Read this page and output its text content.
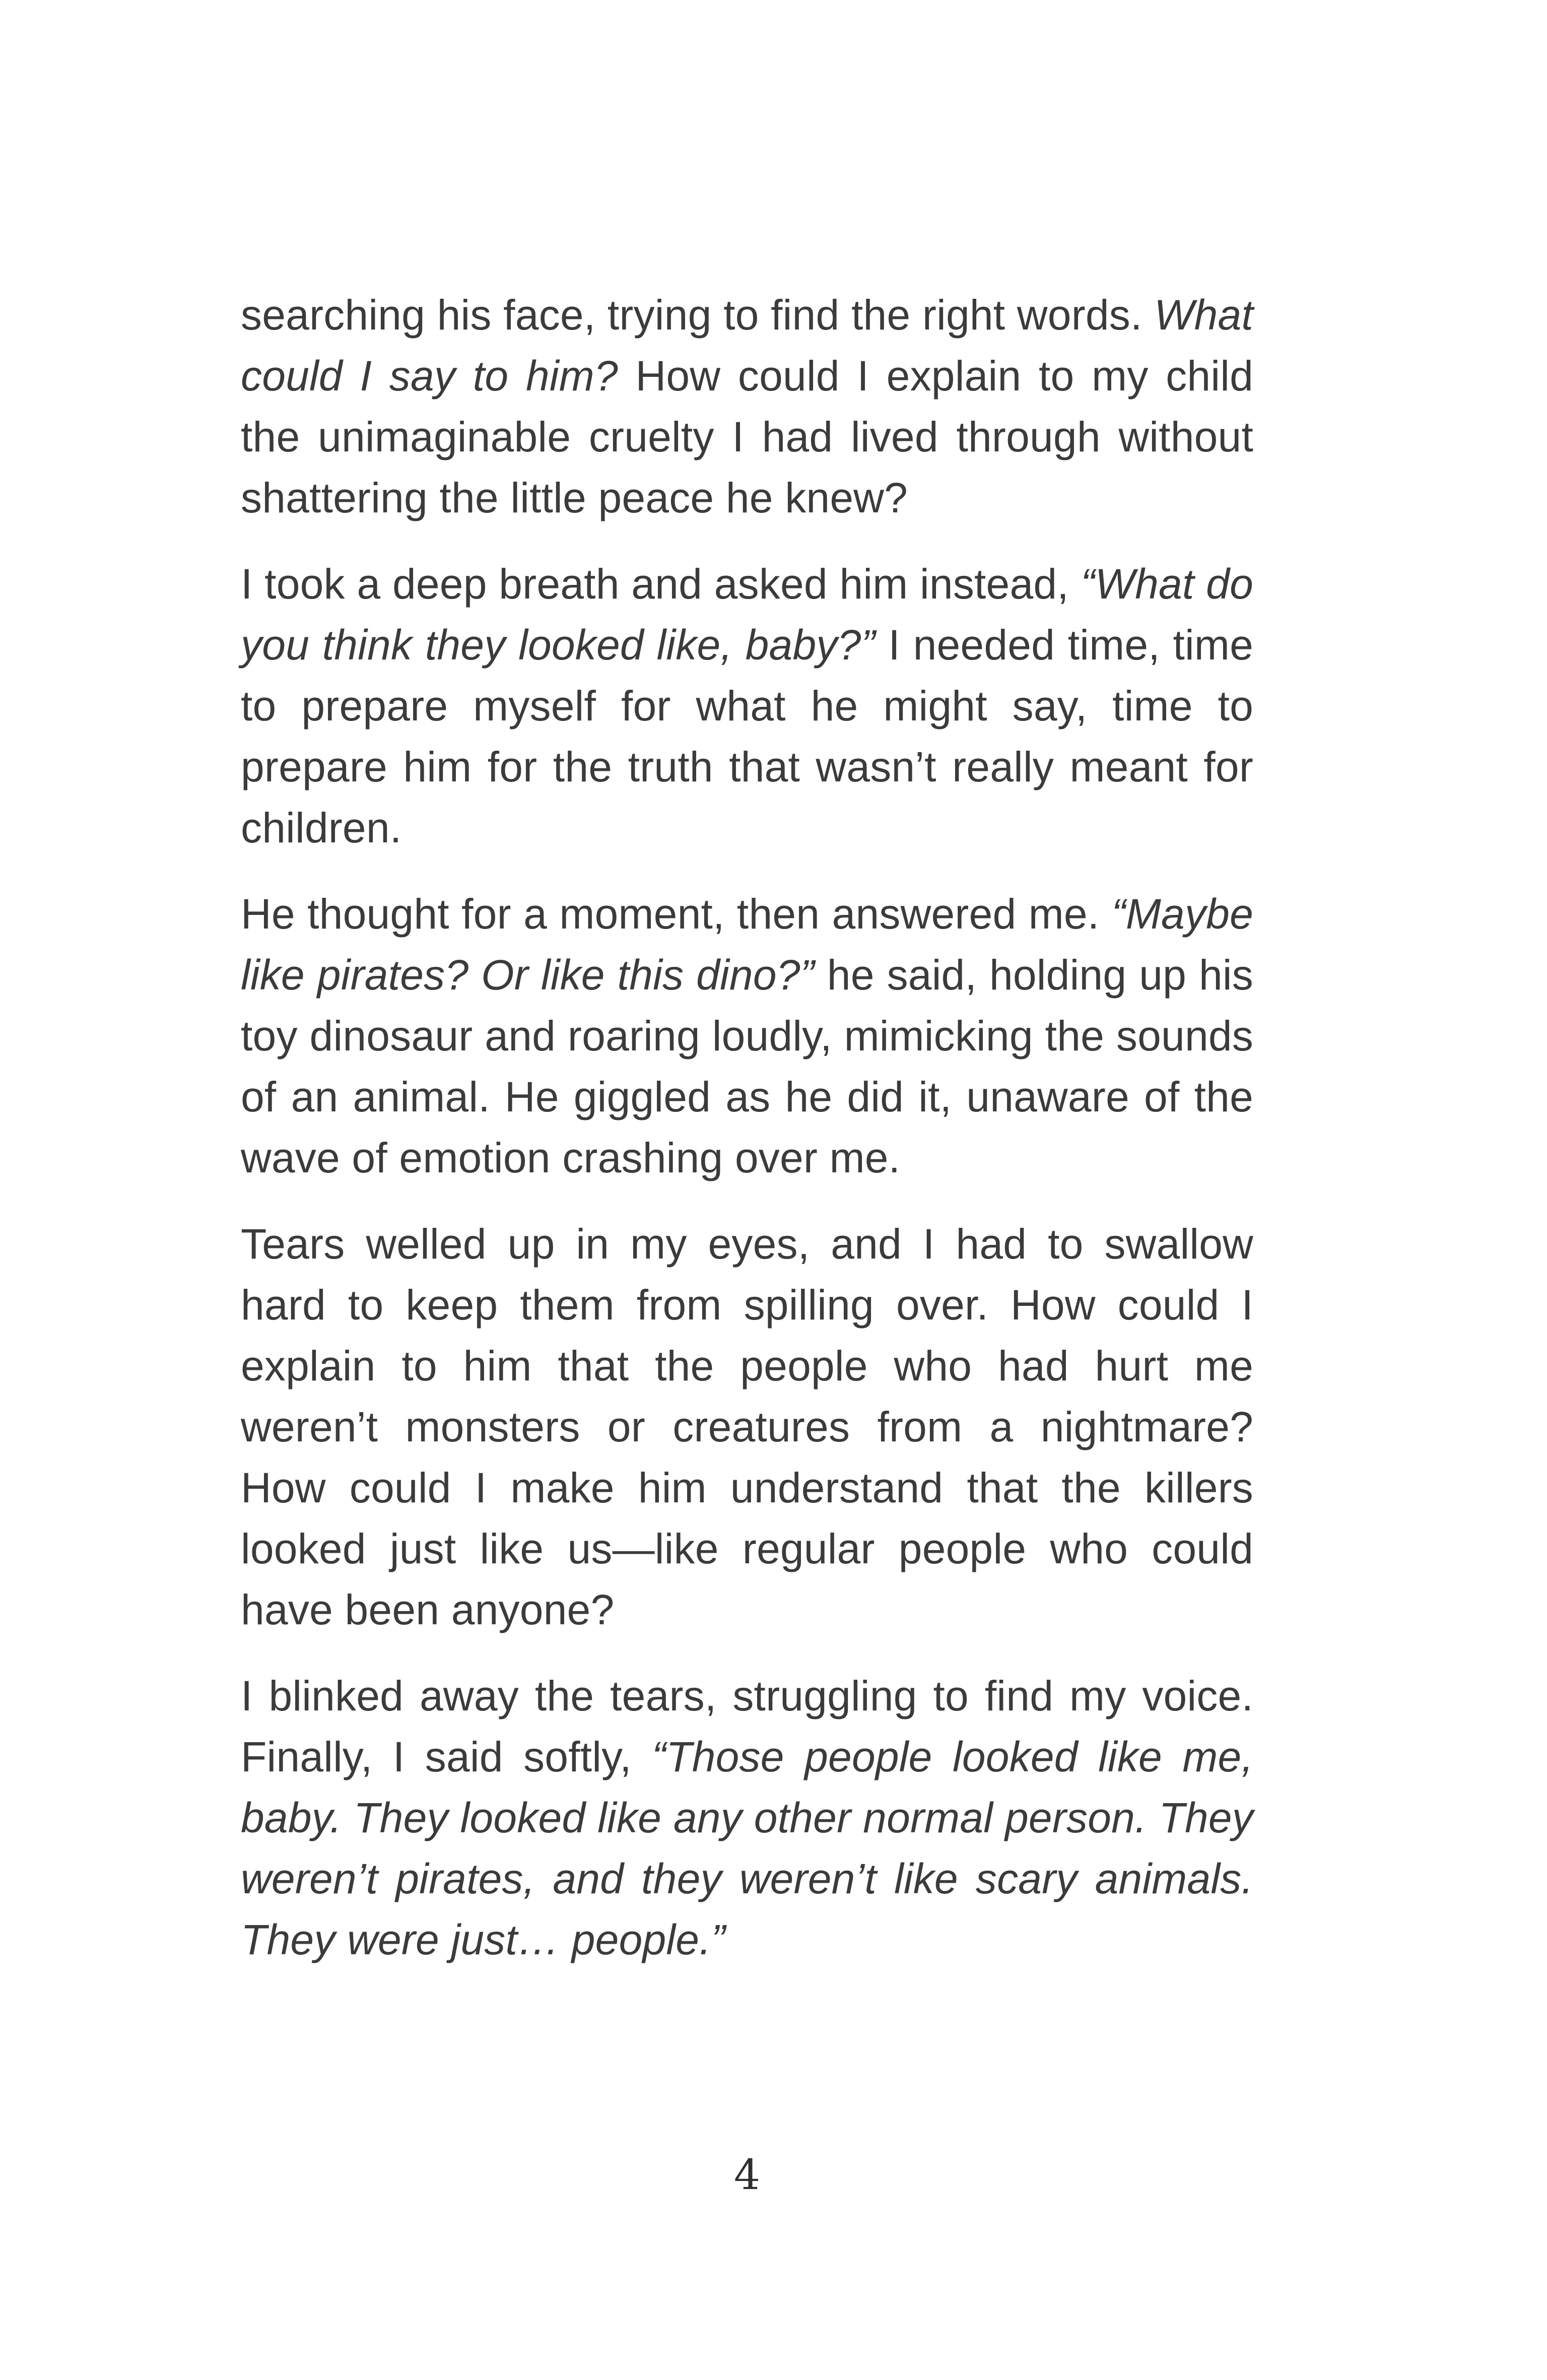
searching his face, trying to find the right words. What could I say to him? How could I explain to my child the unimaginable cruelty I had lived through without shattering the little peace he knew?

I took a deep breath and asked him instead, “What do you think they looked like, baby?” I needed time, time to prepare myself for what he might say, time to prepare him for the truth that wasn’t really meant for children.

He thought for a moment, then answered me. “Maybe like pirates? Or like this dino?” he said, holding up his toy dinosaur and roaring loudly, mimicking the sounds of an animal. He giggled as he did it, unaware of the wave of emotion crashing over me.

Tears welled up in my eyes, and I had to swallow hard to keep them from spilling over. How could I explain to him that the people who had hurt me weren’t monsters or creatures from a nightmare? How could I make him understand that the killers looked just like us—like regular people who could have been anyone?

I blinked away the tears, struggling to find my voice. Finally, I said softly, “Those people looked like me, baby. They looked like any other normal person. They weren’t pirates, and they weren’t like scary animals. They were just… people.”

4
